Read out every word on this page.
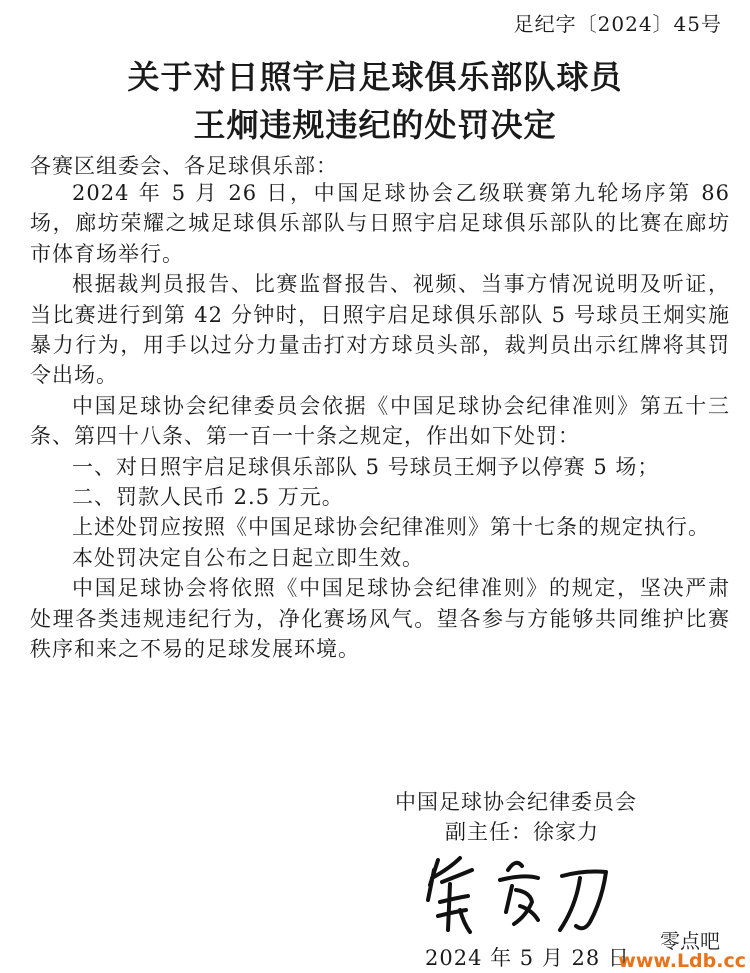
足纪字〔2024〕45号
关于对日照宇启足球俱乐部队球员
王炯违规违纪的处罚决定
各赛区组委会、各足球俱乐部：

2024 年 5 月 26 日，中国足球协会乙级联赛第九轮场序第 86 场，廊坊荣耀之城足球俱乐部队与日照宇启足球俱乐部队的比赛在廊坊市体育场举行。

根据裁判员报告、比赛监督报告、视频、当事方情况说明及听证，当比赛进行到第 42 分钟时，日照宇启足球俱乐部队 5 号球员王炯实施暴力行为，用手以过分力量击打对方球员头部，裁判员出示红牌将其罚令出场。

中国足球协会纪律委员会依据《中国足球协会纪律准则》第五十三条、第四十八条、第一百一十条之规定，作出如下处罚：

一、对日照宇启足球俱乐部队 5 号球员王炯予以停赛 5 场；

二、罚款人民币 2.5 万元。

上述处罚应按照《中国足球协会纪律准则》第十七条的规定执行。

本处罚决定自公布之日起立即生效。

中国足球协会将依照《中国足球协会纪律准则》的规定，坚决严肃处理各类违规违纪行为，净化赛场风气。望各参与方能够共同维护比赛秩序和来之不易的足球发展环境。

中国足球协会纪律委员会
副主任：徐家力
2024 年 5 月 28 日
零点吧
www.Ldb.cc
